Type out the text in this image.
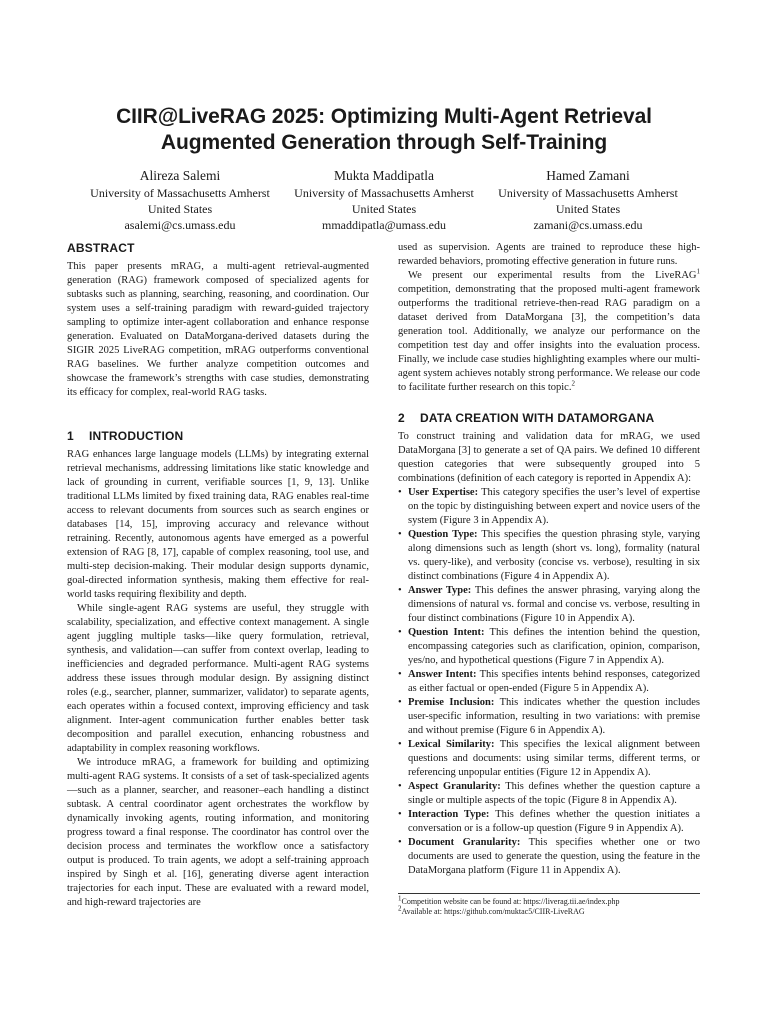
CIIR@LiveRAG 2025: Optimizing Multi-Agent Retrieval
Augmented Generation through Self-Training
Alireza Salemi
University of Massachusetts Amherst
United States
asalemi@cs.umass.edu
Mukta Maddipatla
University of Massachusetts Amherst
United States
mmaddipatla@umass.edu
Hamed Zamani
University of Massachusetts Amherst
United States
zamani@cs.umass.edu
ABSTRACT

This paper presents mRAG, a multi-agent retrieval-augmented generation (RAG) framework composed of specialized agents for subtasks such as planning, searching, reasoning, and coordination. Our system uses a self-training paradigm with reward-guided trajectory sampling to optimize inter-agent collaboration and enhance response generation. Evaluated on DataMorgana-derived datasets during the SIGIR 2025 LiveRAG competition, mRAG outperforms conventional RAG baselines. We further analyze competition outcomes and showcase the framework’s strengths with case studies, demonstrating its efficacy for complex, real-world RAG tasks.

1 INTRODUCTION

RAG enhances large language models (LLMs) by integrating external retrieval mechanisms, addressing limitations like static knowledge and lack of grounding in current, verifiable sources [1, 9, 13]. Unlike traditional LLMs limited by fixed training data, RAG enables real-time access to relevant documents from sources such as search engines or databases [14, 15], improving accuracy and relevance without retraining. Recently, autonomous agents have emerged as a powerful extension of RAG [8, 17], capable of complex reasoning, tool use, and multi-step decision-making. Their modular design supports dynamic, goal-directed information synthesis, making them effective for real-world tasks requiring flexibility and depth.

While single-agent RAG systems are useful, they struggle with scalability, specialization, and effective context management. A single agent juggling multiple tasks—like query formulation, retrieval, synthesis, and validation—can suffer from context overlap, leading to inefficiencies and degraded performance. Multi-agent RAG systems address these issues through modular design. By assigning distinct roles (e.g., searcher, planner, summarizer, validator) to separate agents, each operates within a focused context, improving efficiency and task alignment. Inter-agent communication further enables better task decomposition and parallel execution, enhancing robustness and adaptability in complex reasoning workflows.

We introduce mRAG, a framework for building and optimizing multi-agent RAG systems. It consists of a set of task-specialized agents—such as a planner, searcher, and reasoner–each handling a distinct subtask. A central coordinator agent orchestrates the workflow by dynamically invoking agents, routing information, and monitoring progress toward a final response. The coordinator has control over the decision process and terminates the workflow once a satisfactory output is produced. To train agents, we adopt a self-training approach inspired by Singh et al. [16], generating diverse agent interaction trajectories for each input. These are evaluated with a reward model, and high-reward trajectories are

used as supervision. Agents are trained to reproduce these high-rewarded behaviors, promoting effective generation in future runs.

We present our experimental results from the LiveRAG$^1$ competition, demonstrating that the proposed multi-agent framework outperforms the traditional retrieve-then-read RAG paradigm on a dataset derived from DataMorgana [3], the competition’s data generation tool. Additionally, we analyze our performance on the competition test day and offer insights into the evaluation process. Finally, we include case studies highlighting examples where our multi-agent system achieves notably strong performance. We release our code to facilitate further research on this topic.$^2$

2 DATA CREATION WITH DATAMORGANA

To construct training and validation data for mRAG, we used DataMorgana [3] to generate a set of QA pairs. We defined 10 different question categories that were subsequently grouped into 5 combinations (definition of each category is reported in Appendix A):

• User Expertise: This category specifies the user’s level of expertise on the topic by distinguishing between expert and novice users of the system (Figure 3 in Appendix A).
• Question Type: This specifies the question phrasing style, varying along dimensions such as length (short vs. long), formality (natural vs. query-like), and verbosity (concise vs. verbose), resulting in six distinct combinations (Figure 4 in Appendix A).
• Answer Type: This defines the answer phrasing, varying along the dimensions of natural vs. formal and concise vs. verbose, resulting in four distinct combinations (Figure 10 in Appendix A).
• Question Intent: This defines the intention behind the question, encompassing categories such as clarification, opinion, comparison, yes/no, and hypothetical questions (Figure 7 in Appendix A).
• Answer Intent: This specifies intents behind responses, categorized as either factual or open-ended (Figure 5 in Appendix A).
• Premise Inclusion: This indicates whether the question includes user-specific information, resulting in two variations: with premise and without premise (Figure 6 in Appendix A).
• Lexical Similarity: This specifies the lexical alignment between questions and documents: using similar terms, different terms, or referencing unpopular entities (Figure 12 in Appendix A).
• Aspect Granularity: This defines whether the question capture a single or multiple aspects of the topic (Figure 8 in Appendix A).
• Interaction Type: This defines whether the question initiates a conversation or is a follow-up question (Figure 9 in Appendix A).
• Document Granularity: This specifies whether one or two documents are used to generate the question, using the feature in the DataMorgana platform (Figure 11 in Appendix A).
$^1$Competition website can be found at: https://liverag.tii.ae/index.php
$^2$Available at: https://github.com/muktac5/CIIR-LiveRAG
